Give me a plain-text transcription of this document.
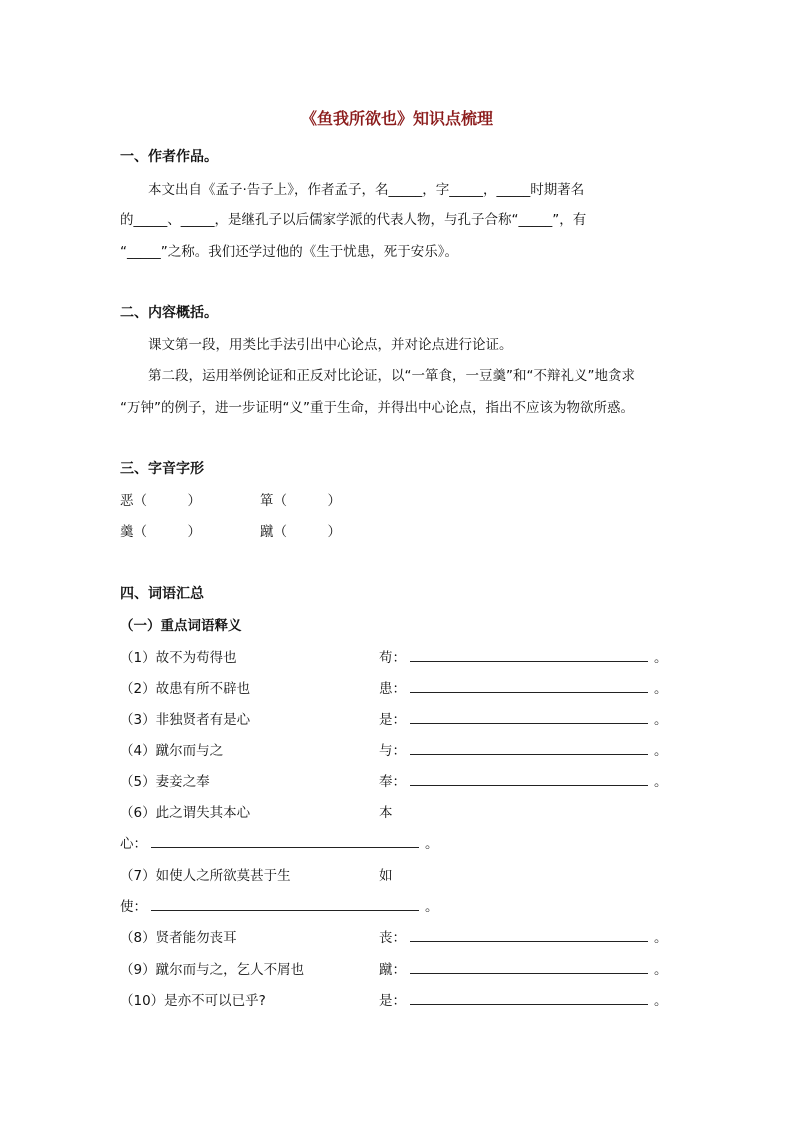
《鱼我所欲也》知识点梳理
一、作者作品。
本文出自《孟子·告子上》，作者孟子，名_____，字_____，_____时期著名
的_____、_____，是继孔子以后儒家学派的代表人物，与孔子合称“_____”，有
“_____”之称。我们还学过他的《生于忧患，死于安乐》。
二、内容概括。
课文第一段，用类比手法引出中心论点，并对论点进行论证。
第二段，运用举例论证和正反对比论证，以“一箪食，一豆羹”和“不辩礼义”地贪求
“万钟”的例子，进一步证明“义”重于生命，并得出中心论点，指出不应该为物欲所惑。
三、字音字形
恶（　　　）	箪（　　　）
羹（　　　）	蹴（　　　）
四、词语汇总
（一）重点词语释义
（1）故不为苟得也	苟：	。
（2）故患有所不辟也	患：	。
（3）非独贤者有是心	是：	。
（4）蹴尔而与之	与：	。
（5）妻妾之奉	奉：	。
（6）此之谓失其本心	本
心：	。
（7）如使人之所欲莫甚于生	如
使：	。
（8）贤者能勿丧耳	丧：	。
（9）蹴尔而与之，乞人不屑也	蹴：	。
（10）是亦不可以已乎?	是：	。
